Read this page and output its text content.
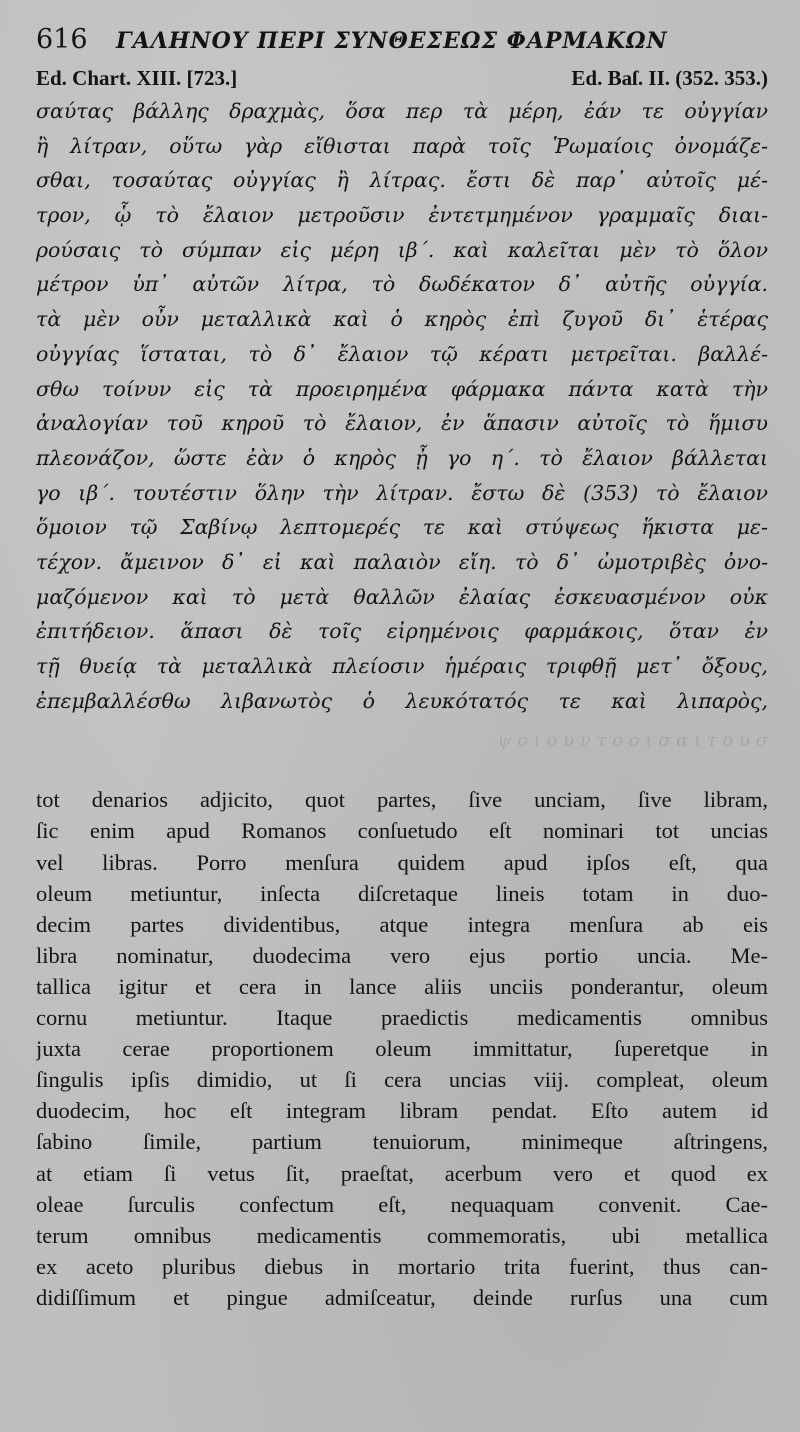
616	ΓΑΛΗΝΟΥ ΠΕΡΙ ΣΥΝΘΕΣΕΩΣ ΦΑΡΜΑΚΩΝ
Ed. Chart. XIII. [723.]	Ed. Baſ. II. (352. 353.)
σαύτας βάλλης δραχμὰς, ὅσα περ τὰ μέρη, ἐάν τε οὐγγίαν
ἢ λίτραν, οὕτω γὰρ εἴθισται παρὰ τοῖς Ῥωμαίοις ὀνομάζε-
σθαι, τοσαύτας οὐγγίας ἢ λίτρας. ἔστι δὲ παρ᾽ αὐτοῖς μέ-
τρον, ᾧ τὸ ἔλαιον μετροῦσιν ἐντετμημένον γραμμαῖς διαι-
ρούσαις τὸ σύμπαν εἰς μέρη ιβ΄. καὶ καλεῖται μὲν τὸ ὅλον
μέτρον ὑπ᾽ αὐτῶν λίτρα, τὸ δωδέκατον δ᾽ αὐτῆς οὐγγία.
τὰ μὲν οὖν μεταλλικὰ καὶ ὁ κηρὸς ἐπὶ ζυγοῦ δι᾽ ἑτέρας
οὐγγίας ἵσταται, τὸ δ᾽ ἔλαιον τῷ κέρατι μετρεῖται. βαλλέ-
σθω τοίνυν εἰς τὰ προειρημένα φάρμακα πάντα κατὰ τὴν
ἀναλογίαν τοῦ κηροῦ τὸ ἔλαιον, ἐν ἅπασιν αὐτοῖς τὸ ἥμισυ
πλεονάζον, ὥστε ἐὰν ὁ κηρὸς ᾖ γο η΄. τὸ ἔλαιον βάλλεται
γο ιβ΄. τουτέστιν ὅλην τὴν λίτραν. ἔστω δὲ (353) τὸ ἔλαιον
ὅμοιον τῷ Σαβίνῳ λεπτομερές τε καὶ στύψεως ἥκιστα με-
τέχον. ἄμεινον δ᾽ εἰ καὶ παλαιὸν εἴη. τὸ δ᾽ ὠμοτριβὲς ὀνο-
μαζόμενον καὶ τὸ μετὰ θαλλῶν ἐλαίας ἐσκευασμένον οὐκ
ἐπιτήδειον. ἅπασι δὲ τοῖς εἰρημένοις φαρμάκοις, ὅταν ἐν
τῇ θυείᾳ τὰ μεταλλικὰ πλείοσιν ἡμέραις τριφθῇ μετ᾽ ὄξους,
ἐπεμβαλλέσθω λιβανωτὸς ὁ λευκότατός τε καὶ λιπαρὸς,
ψ ο ι ο υ ν τ ο ο ι σ α ι τ ο υ σ
tot denarios adjicito, quot partes, ſive unciam, ſive libram,
ſic enim apud Romanos conſuetudo eſt nominari tot uncias
vel libras. Porro menſura quidem apud ipſos eſt, qua
oleum metiuntur, inſecta diſcretaque lineis totam in duo-
decim partes dividentibus, atque integra menſura ab eis
libra nominatur, duodecima vero ejus portio uncia. Me-
tallica igitur et cera in lance aliis unciis ponderantur, oleum
cornu metiuntur. Itaque praedictis medicamentis omnibus
juxta cerae proportionem oleum immittatur, ſuperetque in
ſingulis ipſis dimidio, ut ſi cera uncias viij. compleat, oleum
duodecim, hoc eſt integram libram pendat. Eſto autem id
ſabino ſimile, partium tenuiorum, minimeque aſtringens,
at etiam ſi vetus ſit, praeſtat, acerbum vero et quod ex
oleae ſurculis confectum eſt, nequaquam convenit. Cae-
terum omnibus medicamentis commemoratis, ubi metallica
ex aceto pluribus diebus in mortario trita fuerint, thus can-
didiſſimum et pingue admiſceatur, deinde rurſus una cum
